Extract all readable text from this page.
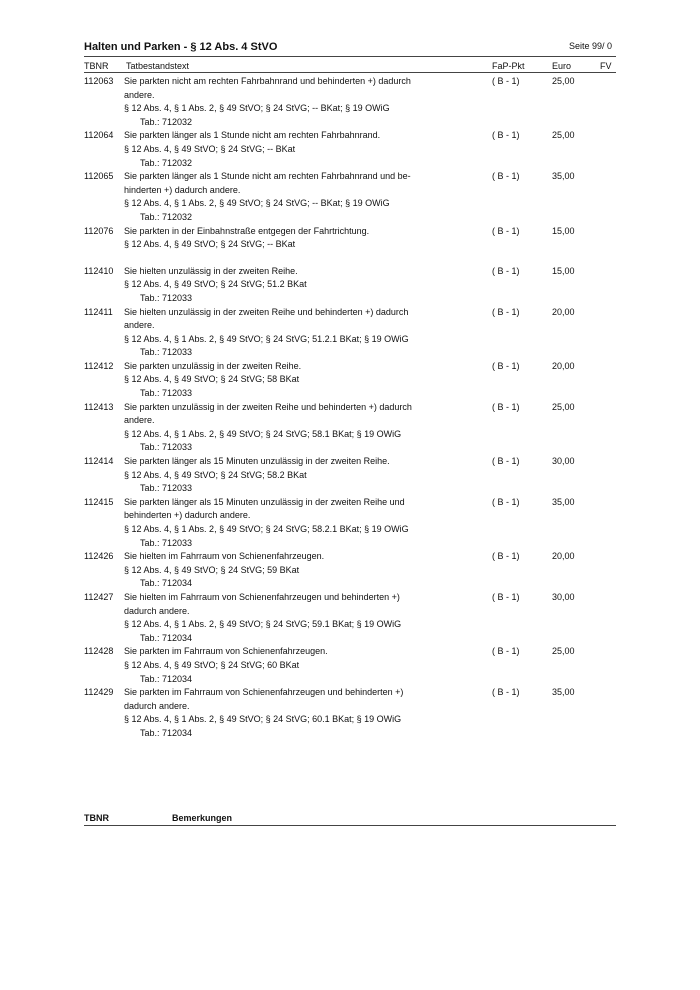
Halten und Parken - § 12 Abs. 4 StVO	Seite 99/ 0
TBNR Tatbestandstext	FaP-Pkt	Euro	FV
112063 Sie parkten nicht am rechten Fahrbahnrand und behinderten +) dadurch
andere.
§ 12 Abs. 4, § 1 Abs. 2, § 49 StVO; § 24 StVG; -- BKat; § 19 OWiG
Tab.: 712032
( B - 1)	25,00
112064 Sie parkten länger als 1 Stunde nicht am rechten Fahrbahnrand.
§ 12 Abs. 4, § 49 StVO; § 24 StVG; -- BKat
Tab.: 712032
( B - 1)	25,00
112065 Sie parkten länger als 1 Stunde nicht am rechten Fahrbahnrand und be-
hinderten +) dadurch andere.
§ 12 Abs. 4, § 1 Abs. 2, § 49 StVO; § 24 StVG; -- BKat; § 19 OWiG
Tab.: 712032
( B - 1)	35,00
112076 Sie parkten in der Einbahnstraße entgegen der Fahrtrichtung.
§ 12 Abs. 4, § 49 StVO; § 24 StVG; -- BKat
( B - 1)	15,00
112410 Sie hielten unzulässig in der zweiten Reihe.
§ 12 Abs. 4, § 49 StVO; § 24 StVG; 51.2 BKat
Tab.: 712033
( B - 1)	15,00
112411 Sie hielten unzulässig in der zweiten Reihe und behinderten +) dadurch
andere.
§ 12 Abs. 4, § 1 Abs. 2, § 49 StVO; § 24 StVG; 51.2.1 BKat; § 19 OWiG
Tab.: 712033
( B - 1)	20,00
112412 Sie parkten unzulässig in der zweiten Reihe.
§ 12 Abs. 4, § 49 StVO; § 24 StVG; 58 BKat
Tab.: 712033
( B - 1)	20,00
112413 Sie parkten unzulässig in der zweiten Reihe und behinderten +) dadurch
andere.
§ 12 Abs. 4, § 1 Abs. 2, § 49 StVO; § 24 StVG; 58.1 BKat; § 19 OWiG
Tab.: 712033
( B - 1)	25,00
112414 Sie parkten länger als 15 Minuten unzulässig in der zweiten Reihe.
§ 12 Abs. 4, § 49 StVO; § 24 StVG; 58.2 BKat
Tab.: 712033
( B - 1)	30,00
112415 Sie parkten länger als 15 Minuten unzulässig in der zweiten Reihe und
behinderten +) dadurch andere.
§ 12 Abs. 4, § 1 Abs. 2, § 49 StVO; § 24 StVG; 58.2.1 BKat; § 19 OWiG
Tab.: 712033
( B - 1)	35,00
112426 Sie hielten im Fahrraum von Schienenfahrzeugen.
§ 12 Abs. 4, § 49 StVO; § 24 StVG; 59 BKat
Tab.: 712034
( B - 1)	20,00
112427 Sie hielten im Fahrraum von Schienenfahrzeugen und behinderten +)
dadurch andere.
§ 12 Abs. 4, § 1 Abs. 2, § 49 StVO; § 24 StVG; 59.1 BKat; § 19 OWiG
Tab.: 712034
( B - 1)	30,00
112428 Sie parkten im Fahrraum von Schienenfahrzeugen.
§ 12 Abs. 4, § 49 StVO; § 24 StVG; 60 BKat
Tab.: 712034
( B - 1)	25,00
112429 Sie parkten im Fahrraum von Schienenfahrzeugen und behinderten +)
dadurch andere.
§ 12 Abs. 4, § 1 Abs. 2, § 49 StVO; § 24 StVG; 60.1 BKat; § 19 OWiG
Tab.: 712034
( B - 1)	35,00
TBNR	Bemerkungen
